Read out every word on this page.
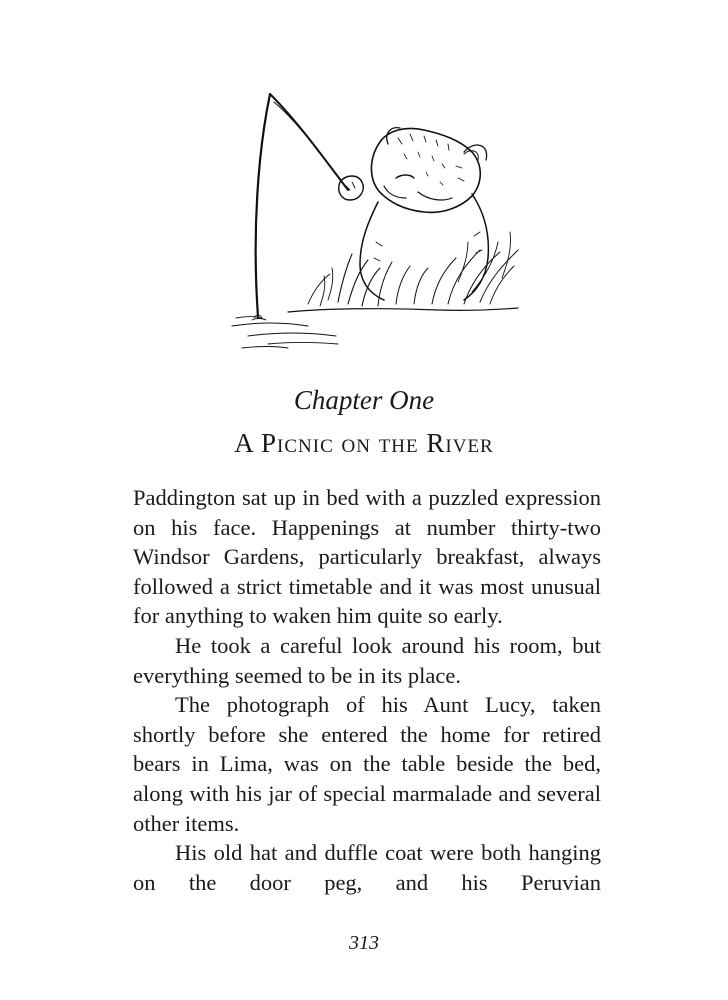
Chapter One
A Picnic on the River

Paddington sat up in bed with a puzzled expression on his face. Happenings at number thirty-two Windsor Gardens, particularly breakfast, always followed a strict timetable and it was most unusual for anything to waken him quite so early.

He took a careful look around his room, but everything seemed to be in its place.

The photograph of his Aunt Lucy, taken shortly before she entered the home for retired bears in Lima, was on the table beside the bed, along with his jar of special marmalade and several other items.

His old hat and duffle coat were both hanging on the door peg, and his Peruvian

313
